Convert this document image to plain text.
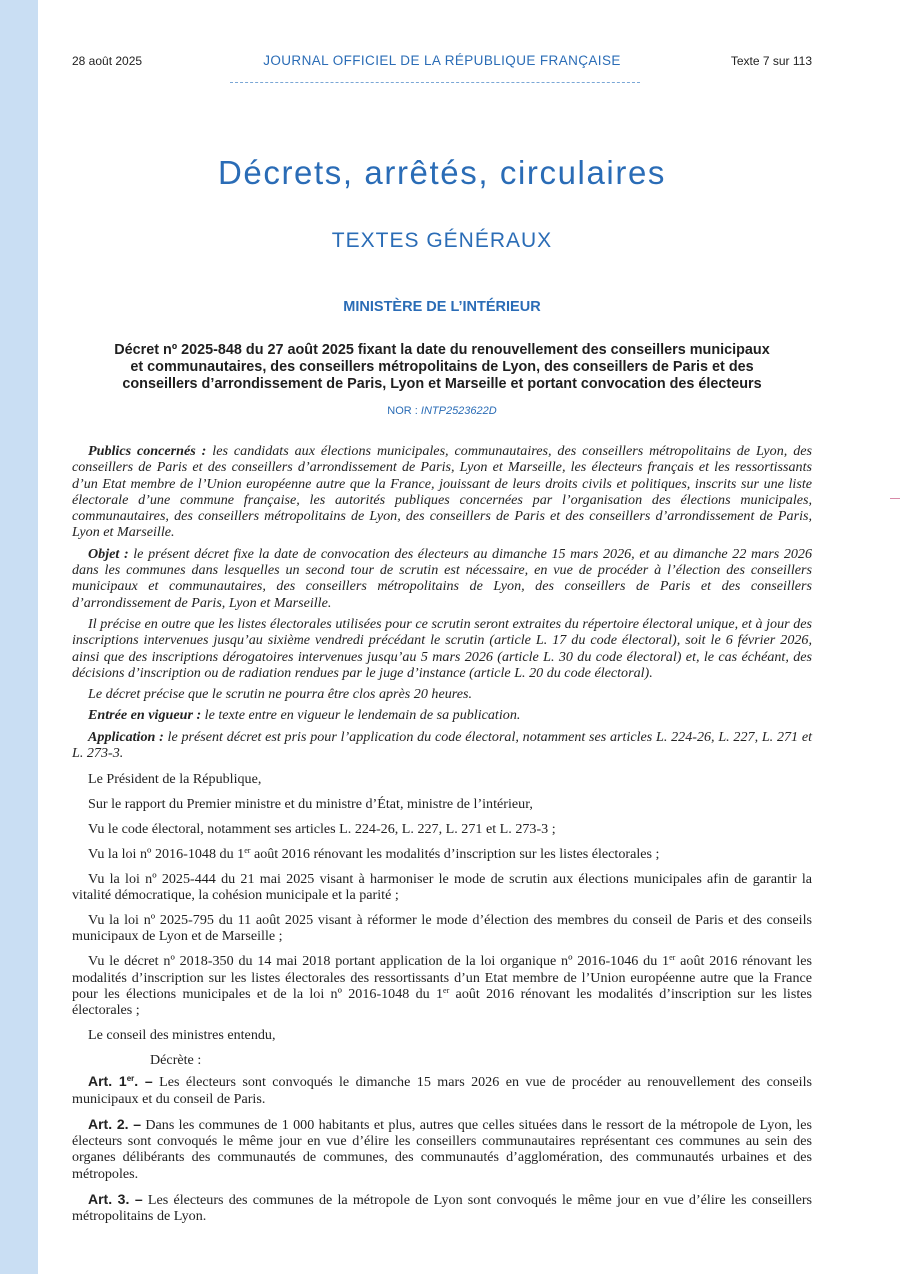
28 août 2025	JOURNAL OFFICIEL DE LA RÉPUBLIQUE FRANÇAISE	Texte 7 sur 113
Décrets, arrêtés, circulaires
TEXTES GÉNÉRAUX
MINISTÈRE DE L’INTÉRIEUR
Décret nº 2025-848 du 27 août 2025 fixant la date du renouvellement des conseillers municipaux
et communautaires, des conseillers métropolitains de Lyon, des conseillers de Paris et des
conseillers d’arrondissement de Paris, Lyon et Marseille et portant convocation des électeurs
NOR : INTP2523622D

Publics concernés : les candidats aux élections municipales, communautaires, des conseillers métropolitains de Lyon, des conseillers de Paris et des conseillers d’arrondissement de Paris, Lyon et Marseille, les électeurs français et les ressortissants d’un Etat membre de l’Union européenne autre que la France, jouissant de leurs droits civils et politiques, inscrits sur une liste électorale d’une commune française, les autorités publiques concernées par l’organisation des élections municipales, communautaires, des conseillers métropolitains de Lyon, des conseillers de Paris et des conseillers d’arrondissement de Paris, Lyon et Marseille.

Objet : le présent décret fixe la date de convocation des électeurs au dimanche 15 mars 2026, et au dimanche 22 mars 2026 dans les communes dans lesquelles un second tour de scrutin est nécessaire, en vue de procéder à l’élection des conseillers municipaux et communautaires, des conseillers métropolitains de Lyon, des conseillers de Paris et des conseillers d’arrondissement de Paris, Lyon et Marseille.

Il précise en outre que les listes électorales utilisées pour ce scrutin seront extraites du répertoire électoral unique, et à jour des inscriptions intervenues jusqu’au sixième vendredi précédant le scrutin (article L. 17 du code électoral), soit le 6 février 2026, ainsi que des inscriptions dérogatoires intervenues jusqu’au 5 mars 2026 (article L. 30 du code électoral) et, le cas échéant, des décisions d’inscription ou de radiation rendues par le juge d’instance (article L. 20 du code électoral).

Le décret précise que le scrutin ne pourra être clos après 20 heures.

Entrée en vigueur : le texte entre en vigueur le lendemain de sa publication.

Application : le présent décret est pris pour l’application du code électoral, notamment ses articles L. 224-26, L. 227, L. 271 et L. 273-3.

Le Président de la République,

Sur le rapport du Premier ministre et du ministre d’État, ministre de l’intérieur,

Vu le code électoral, notamment ses articles L. 224-26, L. 227, L. 271 et L. 273-3 ;

Vu la loi nº 2016-1048 du 1er août 2016 rénovant les modalités d’inscription sur les listes électorales ;

Vu la loi nº 2025-444 du 21 mai 2025 visant à harmoniser le mode de scrutin aux élections municipales afin de garantir la vitalité démocratique, la cohésion municipale et la parité ;

Vu la loi nº 2025-795 du 11 août 2025 visant à réformer le mode d’élection des membres du conseil de Paris et des conseils municipaux de Lyon et de Marseille ;

Vu le décret nº 2018-350 du 14 mai 2018 portant application de la loi organique nº 2016-1046 du 1er août 2016 rénovant les modalités d’inscription sur les listes électorales des ressortissants d’un Etat membre de l’Union européenne autre que la France pour les élections municipales et de la loi nº 2016-1048 du 1er août 2016 rénovant les modalités d’inscription sur les listes électorales ;

Le conseil des ministres entendu,

Décrète :

Art. 1er. – Les électeurs sont convoqués le dimanche 15 mars 2026 en vue de procéder au renouvellement des conseils municipaux et du conseil de Paris.

Art. 2. – Dans les communes de 1 000 habitants et plus, autres que celles situées dans le ressort de la métropole de Lyon, les électeurs sont convoqués le même jour en vue d’élire les conseillers communautaires représentant ces communes au sein des organes délibérants des communautés de communes, des communautés d’agglomération, des communautés urbaines et des métropoles.

Art. 3. – Les électeurs des communes de la métropole de Lyon sont convoqués le même jour en vue d’élire les conseillers métropolitains de Lyon.
